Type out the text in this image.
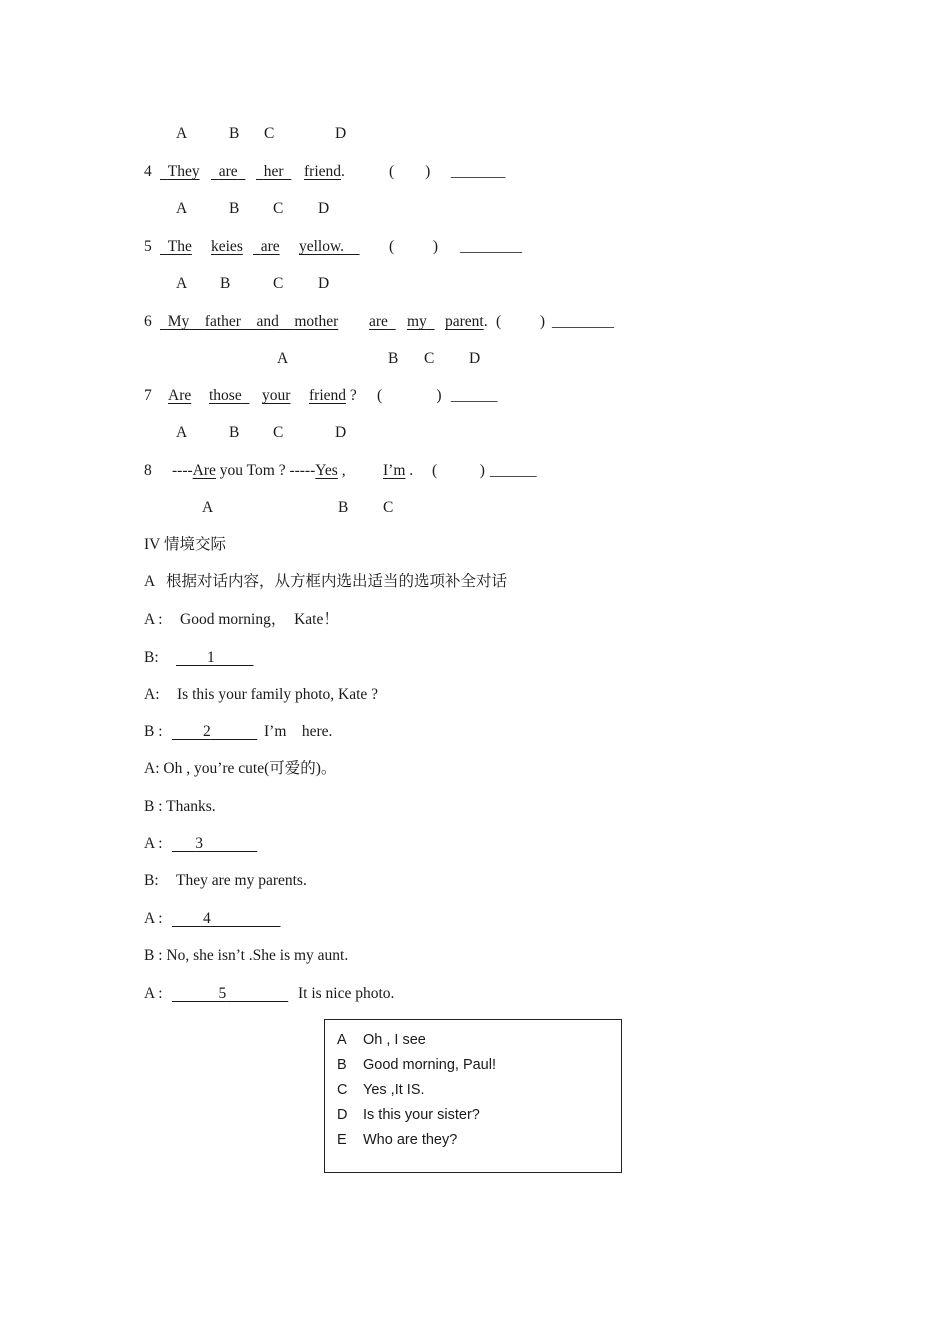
A	B C	D
4
 	They
 	are 
 	her 	friend.	(        ) _______
A	B C D
5
 	The keies
 	are yellow.  	(          ) ________
A B	C D
6
 	My   father   and   mother are 	my 	parent. (          ) ________
A	B C D
7 Are those 	your friend ? (              ) ______
A	B C	D
8 ----Are you Tom ? -----Yes , I’m . (           ) ______
A	B C
IV 情境交际
A   根据对话内容，从方框内选出适当的选项补全对话
A : Good morning，  Kate！
B:
    	1     
A: Is this your family photo, Kate ?
B :
    	2      	I’m    here.
A: Oh , you’re cute(可爱的)。
B : Thanks.
A :
   	3       
B: They are my parents.
A :
    	4         
B : No, she isn’t .She is my aunt.
A :
      	5        	It is nice photo.
A Oh , I see
B Good morning, Paul!
C Yes ,It IS.
D Is this your sister?
E Who are they?
